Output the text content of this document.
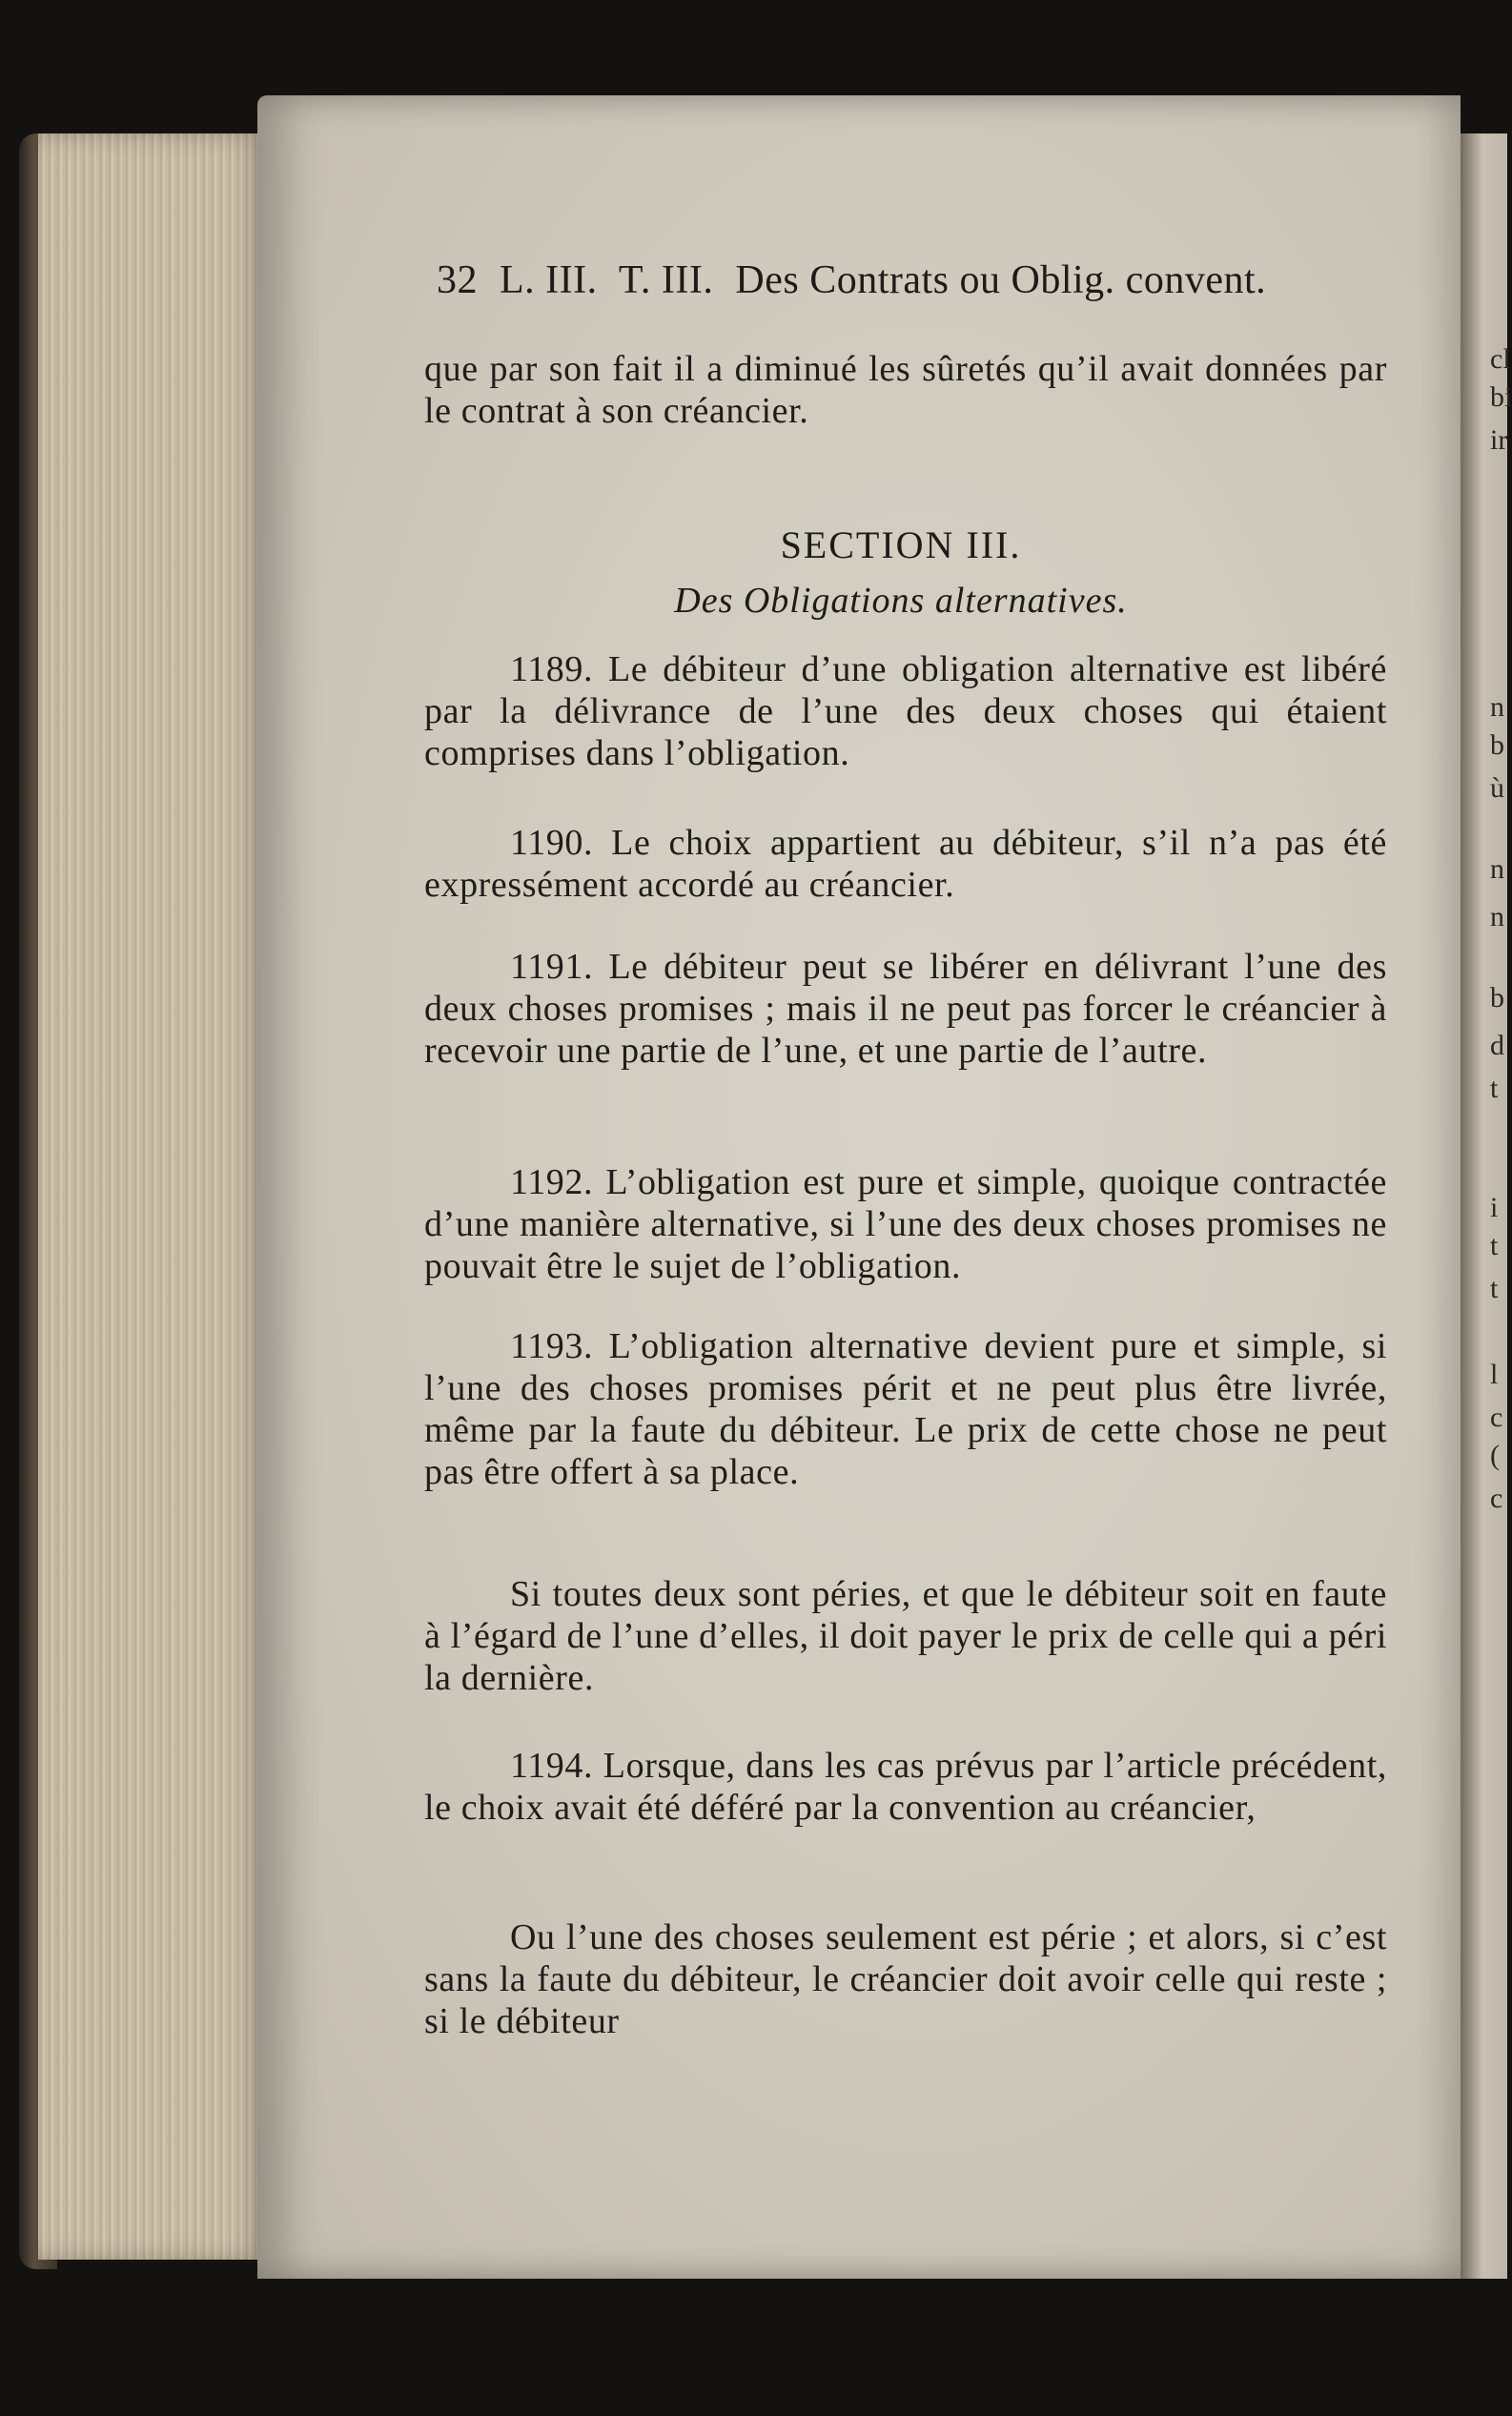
32 L. III. T. III. Des Contrats ou Oblig. convent.
que par son fait il a diminué les sûretés qu’il avait données par le contrat à son créancier.
SECTION III.
Des Obligations alternatives.
1189. Le débiteur d’une obligation alternative est libéré par la délivrance de l’une des deux choses qui étaient comprises dans l’obligation.
1190. Le choix appartient au débiteur, s’il n’a pas été expressément accordé au créancier.
1191. Le débiteur peut se libérer en délivrant l’une des deux choses promises ; mais il ne peut pas forcer le créancier à recevoir une partie de l’une, et une partie de l’autre.
1192. L’obligation est pure et simple, quoique contractée d’une manière alternative, si l’une des deux choses promises ne pouvait être le sujet de l’obligation.
1193. L’obligation alternative devient pure et simple, si l’une des choses promises périt et ne peut plus être livrée, même par la faute du débiteur. Le prix de cette chose ne peut pas être offert à sa place.
Si toutes deux sont péries, et que le débiteur soit en faute à l’égard de l’une d’elles, il doit payer le prix de celle qui a péri la dernière.
1194. Lorsque, dans les cas prévus par l’article précédent, le choix avait été déféré par la convention au créancier,
Ou l’une des choses seulement est périe ; et alors, si c’est sans la faute du débiteur, le créancier doit avoir celle qui reste ; si le débiteur
cl
bi
ir
n
b
ù
n
n
b
d
t
i
t
t
l
c
(
c
